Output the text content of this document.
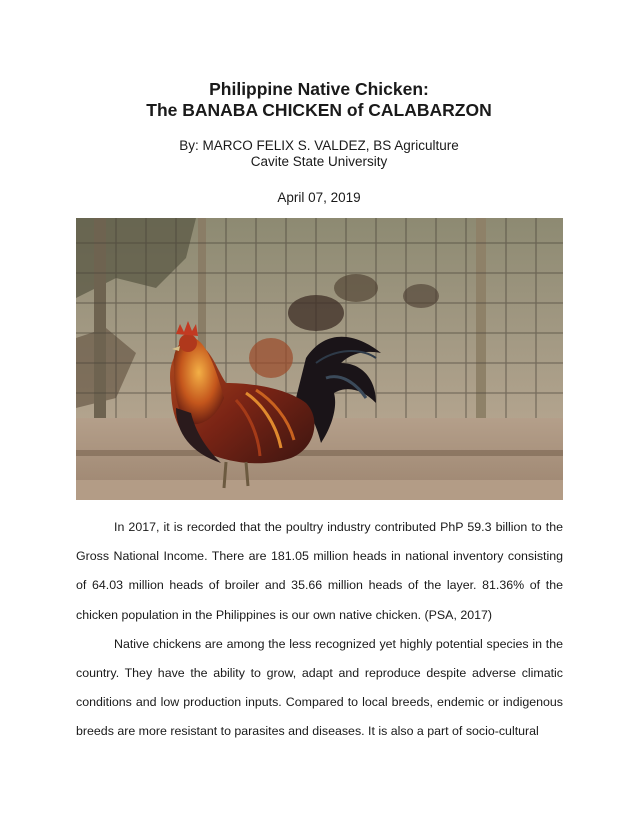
Philippine Native Chicken:
The BANABA CHICKEN of CALABARZON
By: MARCO FELIX S. VALDEZ, BS Agriculture
Cavite State University
April 07, 2019

In 2017, it is recorded that the poultry industry contributed PhP 59.3 billion to the Gross National Income. There are 181.05 million heads in national inventory consisting of 64.03 million heads of broiler and 35.66 million heads of the layer. 81.36% of the chicken population in the Philippines is our own native chicken. (PSA, 2017)

Native chickens are among the less recognized yet highly potential species in the country. They have the ability to grow, adapt and reproduce despite adverse climatic conditions and low production inputs. Compared to local breeds, endemic or indigenous breeds are more resistant to parasites and diseases. It is also a part of socio-cultural
